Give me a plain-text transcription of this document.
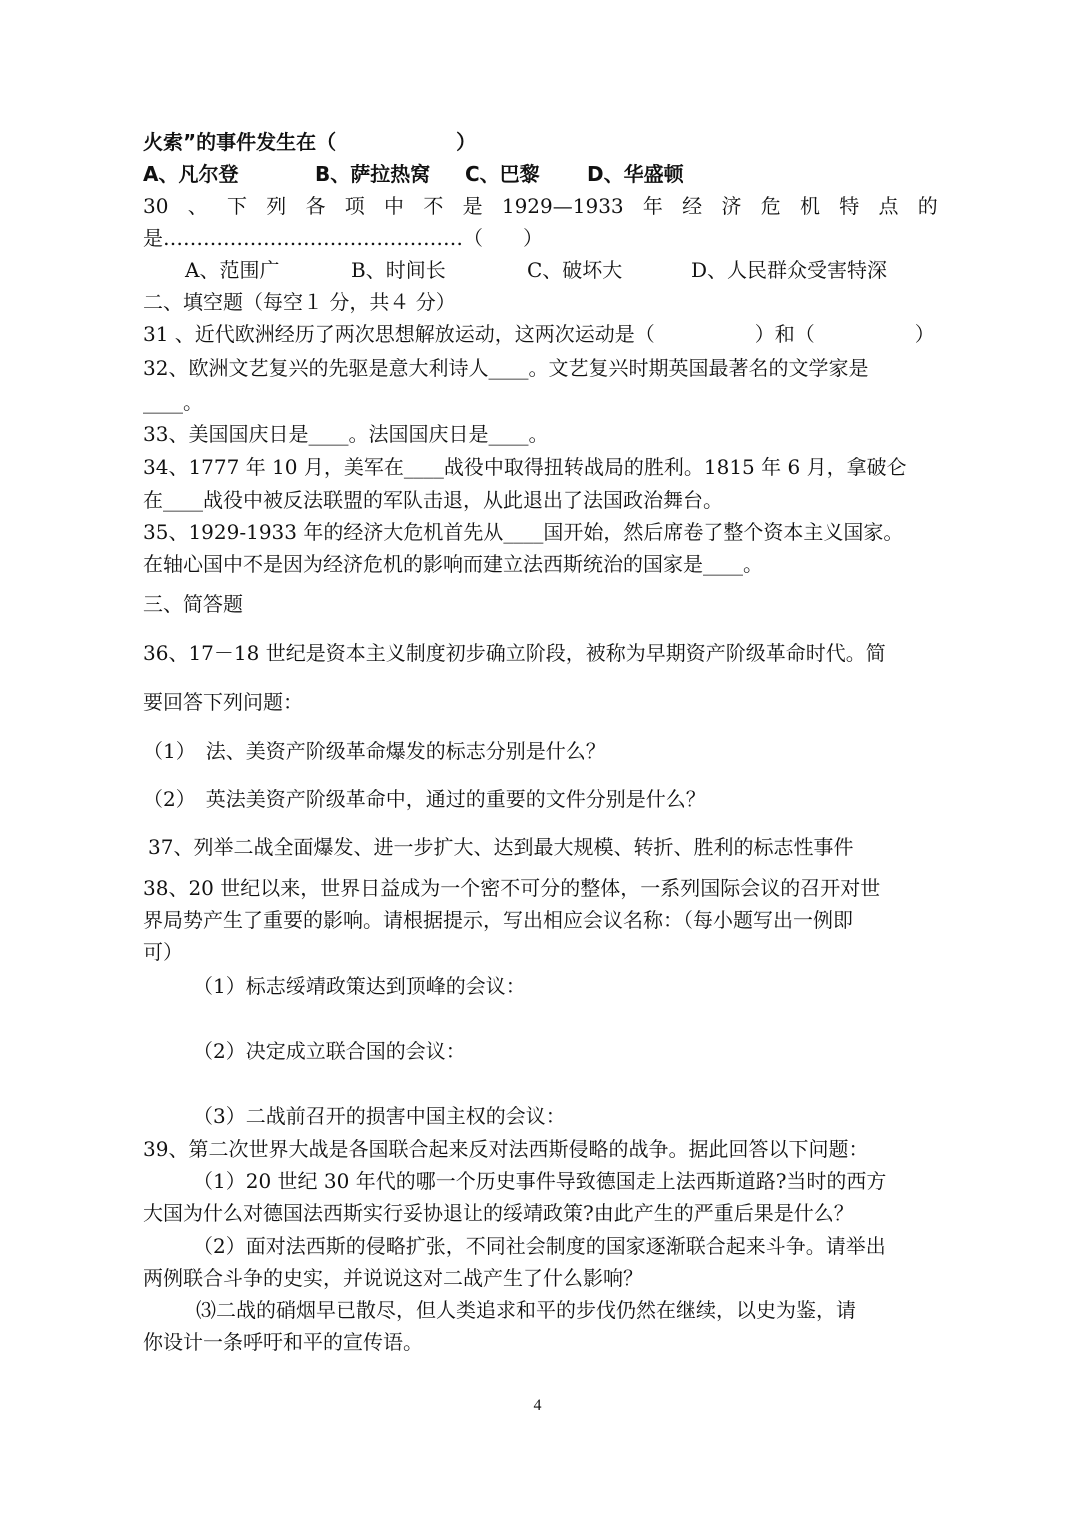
火索”的事件发生在（　　　　　　）
A、凡尔登	B、萨拉热窝 C、巴黎 D、华盛顿
30 、 下 列 各 项 中 不 是 1929—1933 年 经 济 危 机 特 点 的
是………………………………………（　　）
A、范围广	B、时间长	C、破坏大	D、人民群众受害特深
二、填空题（每空１ 分，共４ 分）
31 、近代欧洲经历了两次思想解放运动，这两次运动是（　　　　　）和（　　　　　）
32、欧洲文艺复兴的先驱是意大利诗人____。文艺复兴时期英国最著名的文学家是
____。
33、美国国庆日是____。法国国庆日是____。
34、1777 年 10 月，美军在____战役中取得扭转战局的胜利。1815 年 6 月，拿破仑
在____战役中被反法联盟的军队击退，从此退出了法国政治舞台。
35、1929-1933 年的经济大危机首先从____国开始，然后席卷了整个资本主义国家。
在轴心国中不是因为经济危机的影响而建立法西斯统治的国家是____。
三、简答题
36、17－18 世纪是资本主义制度初步确立阶段，被称为早期资产阶级革命时代。简
要回答下列问题：
（1）　法、美资产阶级革命爆发的标志分别是什么？
（2）　英法美资产阶级革命中，通过的重要的文件分别是什么？
37、列举二战全面爆发、进一步扩大、达到最大规模、转折、胜利的标志性事件
38、20 世纪以来，世界日益成为一个密不可分的整体，一系列国际会议的召开对世
界局势产生了重要的影响。请根据提示，写出相应会议名称：（每小题写出一例即
可）
（1）标志绥靖政策达到顶峰的会议：
（2）决定成立联合国的会议：
（3）二战前召开的损害中国主权的会议：
39、第二次世界大战是各国联合起来反对法西斯侵略的战争。据此回答以下问题：
（1）20 世纪 30 年代的哪一个历史事件导致德国走上法西斯道路?当时的西方
大国为什么对德国法西斯实行妥协退让的绥靖政策?由此产生的严重后果是什么？
（2）面对法西斯的侵略扩张，不同社会制度的国家逐渐联合起来斗争。请举出
两例联合斗争的史实，并说说这对二战产生了什么影响？
⑶二战的硝烟早已散尽，但人类追求和平的步伐仍然在继续，以史为鉴，请
你设计一条呼吁和平的宣传语。
4
